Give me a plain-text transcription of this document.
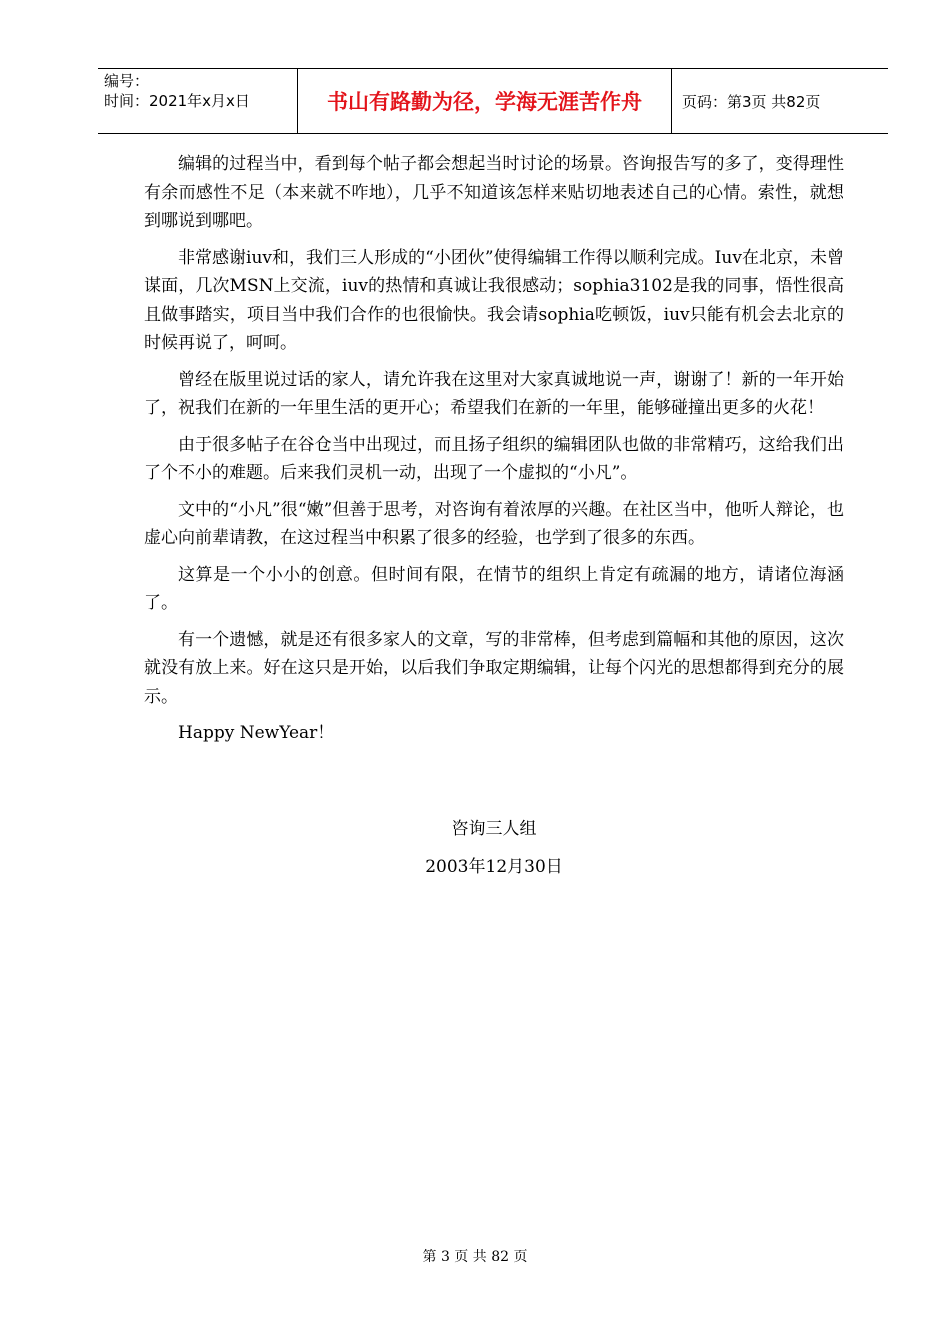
编号：
时间：2021年x月x日	书山有路勤为径，学海无涯苦作舟	页码：第3页 共82页

编辑的过程当中，看到每个帖子都会想起当时讨论的场景。咨询报告写的多了，变得理性有余而感性不足（本来就不咋地），几乎不知道该怎样来贴切地表述自己的心情。索性，就想到哪说到哪吧。

非常感谢iuv和，我们三人形成的“小团伙”使得编辑工作得以顺利完成。Iuv在北京，未曾谋面，几次MSN上交流，iuv的热情和真诚让我很感动；sophia3102是我的同事，悟性很高且做事踏实，项目当中我们合作的也很愉快。我会请sophia吃顿饭，iuv只能有机会去北京的时候再说了，呵呵。

曾经在版里说过话的家人，请允许我在这里对大家真诚地说一声，谢谢了！新的一年开始了，祝我们在新的一年里生活的更开心；希望我们在新的一年里，能够碰撞出更多的火花！

由于很多帖子在谷仓当中出现过，而且扬子组织的编辑团队也做的非常精巧，这给我们出了个不小的难题。后来我们灵机一动，出现了一个虚拟的“小凡”。

文中的“小凡”很“嫩”但善于思考，对咨询有着浓厚的兴趣。在社区当中，他听人辩论，也虚心向前辈请教，在这过程当中积累了很多的经验，也学到了很多的东西。

这算是一个小小的创意。但时间有限，在情节的组织上肯定有疏漏的地方，请诸位海涵了。

有一个遗憾，就是还有很多家人的文章，写的非常棒，但考虑到篇幅和其他的原因，这次就没有放上来。好在这只是开始，以后我们争取定期编辑，让每个闪光的思想都得到充分的展示。

Happy NewYear！

咨询三人组
2003年12月30日
第 3 页 共 82 页
